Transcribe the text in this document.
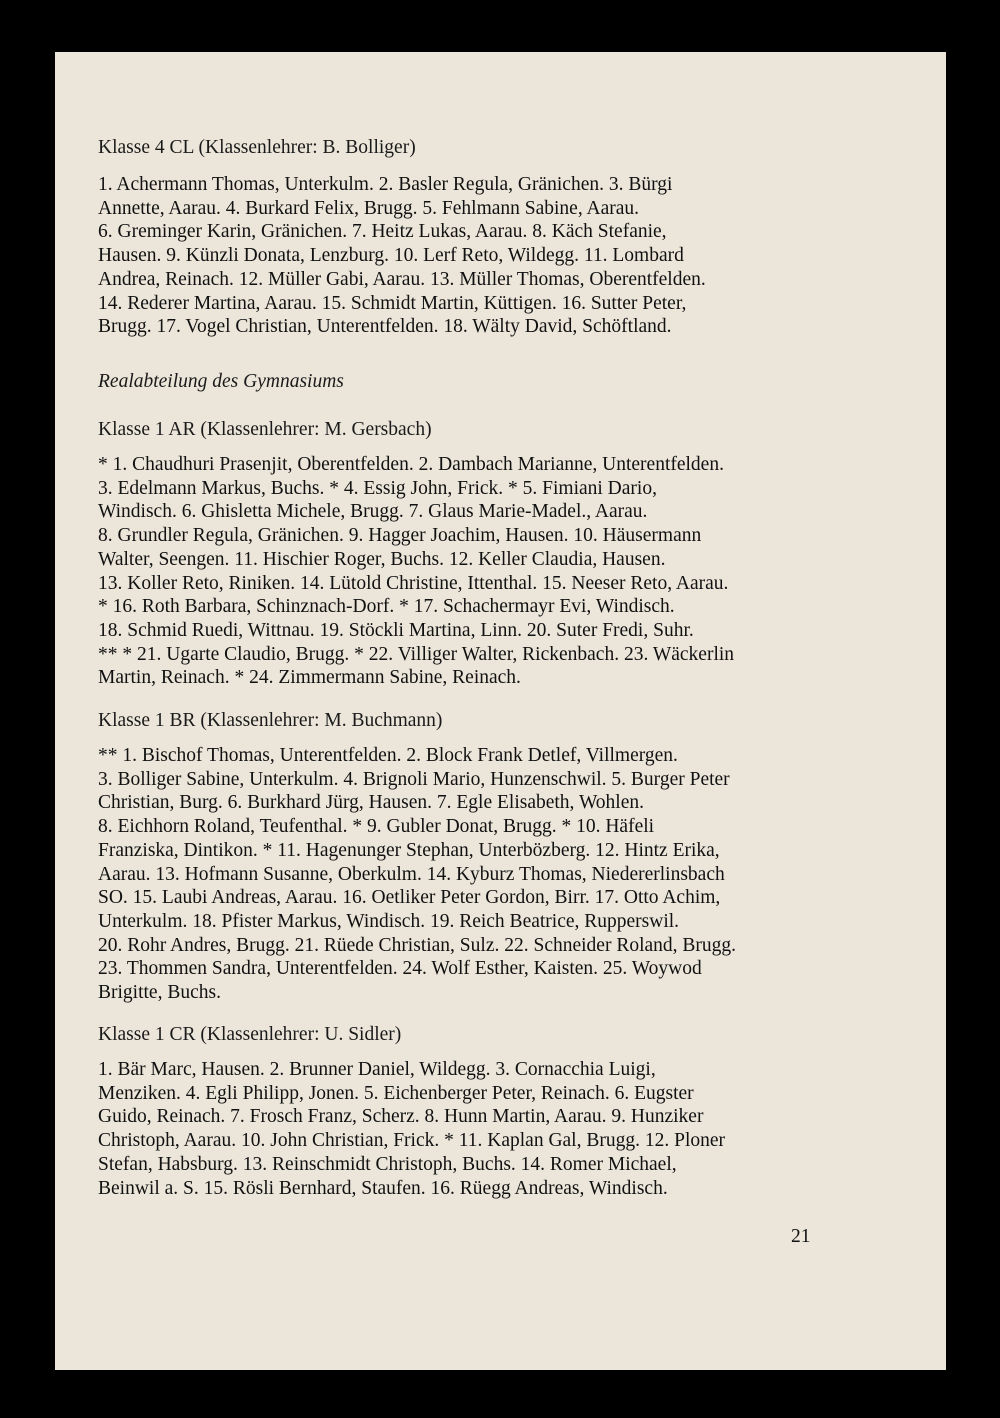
Klasse 4 CL (Klassenlehrer: B. Bolliger)
1. Achermann Thomas, Unterkulm. 2. Basler Regula, Gränichen. 3. Bürgi
Annette, Aarau. 4. Burkard Felix, Brugg. 5. Fehlmann Sabine, Aarau.
6. Greminger Karin, Gränichen. 7. Heitz Lukas, Aarau. 8. Käch Stefanie,
Hausen. 9. Künzli Donata, Lenzburg. 10. Lerf Reto, Wildegg. 11. Lombard
Andrea, Reinach. 12. Müller Gabi, Aarau. 13. Müller Thomas, Oberentfelden.
14. Rederer Martina, Aarau. 15. Schmidt Martin, Küttigen. 16. Sutter Peter,
Brugg. 17. Vogel Christian, Unterentfelden. 18. Wälty David, Schöftland.
Realabteilung des Gymnasiums
Klasse 1 AR (Klassenlehrer: M. Gersbach)
* 1. Chaudhuri Prasenjit, Oberentfelden. 2. Dambach Marianne, Unterentfelden.
3. Edelmann Markus, Buchs. * 4. Essig John, Frick. * 5. Fimiani Dario,
Windisch. 6. Ghisletta Michele, Brugg. 7. Glaus Marie-Madel., Aarau.
8. Grundler Regula, Gränichen. 9. Hagger Joachim, Hausen. 10. Häusermann
Walter, Seengen. 11. Hischier Roger, Buchs. 12. Keller Claudia, Hausen.
13. Koller Reto, Riniken. 14. Lütold Christine, Ittenthal. 15. Neeser Reto, Aarau.
* 16. Roth Barbara, Schinznach-Dorf. * 17. Schachermayr Evi, Windisch.
18. Schmid Ruedi, Wittnau. 19. Stöckli Martina, Linn. 20. Suter Fredi, Suhr.
** * 21. Ugarte Claudio, Brugg. * 22. Villiger Walter, Rickenbach. 23. Wäckerlin
Martin, Reinach. * 24. Zimmermann Sabine, Reinach.
Klasse 1 BR (Klassenlehrer: M. Buchmann)
** 1. Bischof Thomas, Unterentfelden. 2. Block Frank Detlef, Villmergen.
3. Bolliger Sabine, Unterkulm. 4. Brignoli Mario, Hunzenschwil. 5. Burger Peter
Christian, Burg. 6. Burkhard Jürg, Hausen. 7. Egle Elisabeth, Wohlen.
8. Eichhorn Roland, Teufenthal. * 9. Gubler Donat, Brugg. * 10. Häfeli
Franziska, Dintikon. * 11. Hagenunger Stephan, Unterbözberg. 12. Hintz Erika,
Aarau. 13. Hofmann Susanne, Oberkulm. 14. Kyburz Thomas, Niedererlinsbach
SO. 15. Laubi Andreas, Aarau. 16. Oetliker Peter Gordon, Birr. 17. Otto Achim,
Unterkulm. 18. Pfister Markus, Windisch. 19. Reich Beatrice, Rupperswil.
20. Rohr Andres, Brugg. 21. Rüede Christian, Sulz. 22. Schneider Roland, Brugg.
23. Thommen Sandra, Unterentfelden. 24. Wolf Esther, Kaisten. 25. Woywod
Brigitte, Buchs.
Klasse 1 CR (Klassenlehrer: U. Sidler)
1. Bär Marc, Hausen. 2. Brunner Daniel, Wildegg. 3. Cornacchia Luigi,
Menziken. 4. Egli Philipp, Jonen. 5. Eichenberger Peter, Reinach. 6. Eugster
Guido, Reinach. 7. Frosch Franz, Scherz. 8. Hunn Martin, Aarau. 9. Hunziker
Christoph, Aarau. 10. John Christian, Frick. * 11. Kaplan Gal, Brugg. 12. Ploner
Stefan, Habsburg. 13. Reinschmidt Christoph, Buchs. 14. Romer Michael,
Beinwil a. S. 15. Rösli Bernhard, Staufen. 16. Rüegg Andreas, Windisch.
21
